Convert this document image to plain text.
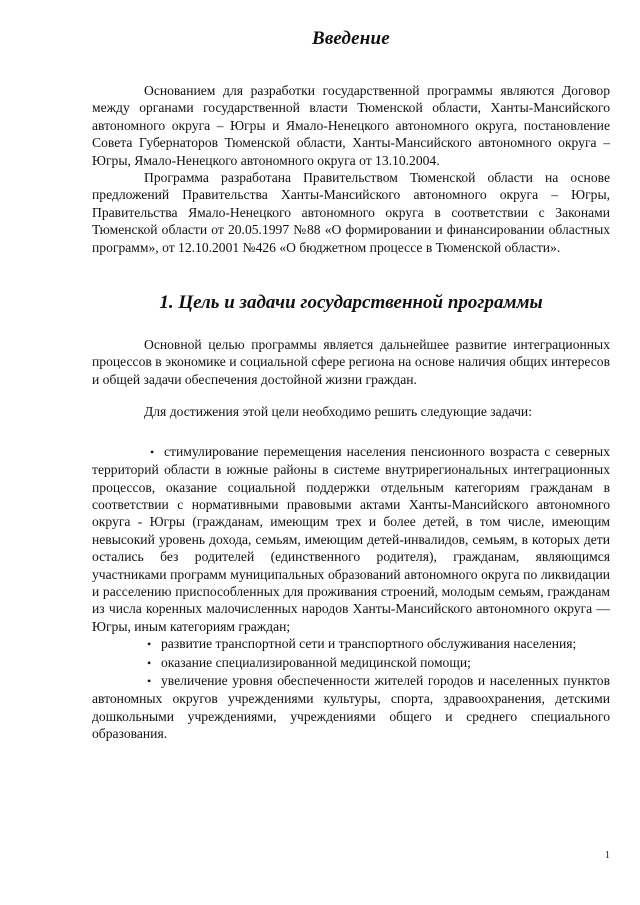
Введение

Основанием для разработки государственной программы являются Договор между органами государственной власти Тюменской области, Ханты-Мансийского автономного округа – Югры и Ямало-Ненецкого автономного округа, постановление Совета Губернаторов Тюменской области, Ханты-Мансийского автономного округа – Югры, Ямало-Ненецкого автономного округа от 13.10.2004.

Программа разработана Правительством Тюменской области на основе предложений Правительства Ханты-Мансийского автономного округа – Югры, Правительства Ямало-Ненецкого автономного округа в соответствии с Законами Тюменской области от 20.05.1997 №88 «О формировании и финансировании областных программ», от 12.10.2001 №426 «О бюджетном процессе в Тюменской области».

1. Цель и задачи государственной программы

Основной целью программы является дальнейшее развитие интеграционных процессов в экономике и социальной сфере региона на основе наличия общих интересов и общей задачи обеспечения достойной жизни граждан.

Для достижения этой цели необходимо решить следующие задачи:

• стимулирование перемещения населения пенсионного возраста с северных территорий области в южные районы в системе внутрирегиональных интеграционных процессов, оказание социальной поддержки отдельным категориям гражданам в соответствии с нормативными правовыми актами Ханты-Мансийского автономного округа - Югры (гражданам, имеющим трех и более детей, в том числе, имеющим невысокий уровень дохода, семьям, имеющим детей-инвалидов, семьям, в которых дети остались без родителей (единственного родителя), гражданам, являющимся участниками программ муниципальных образований автономного округа по ликвидации и расселению приспособленных для проживания строений, молодым семьям, гражданам из числа коренных малочисленных народов Ханты-Мансийского автономного округа — Югры, иным категориям граждан;
• развитие транспортной сети и транспортного обслуживания населения;
• оказание специализированной медицинской помощи;
• увеличение уровня обеспеченности жителей городов и населенных пунктов автономных округов учреждениями культуры, спорта, здравоохранения, детскими дошкольными учреждениями, учреждениями общего и среднего специального образования.
1
